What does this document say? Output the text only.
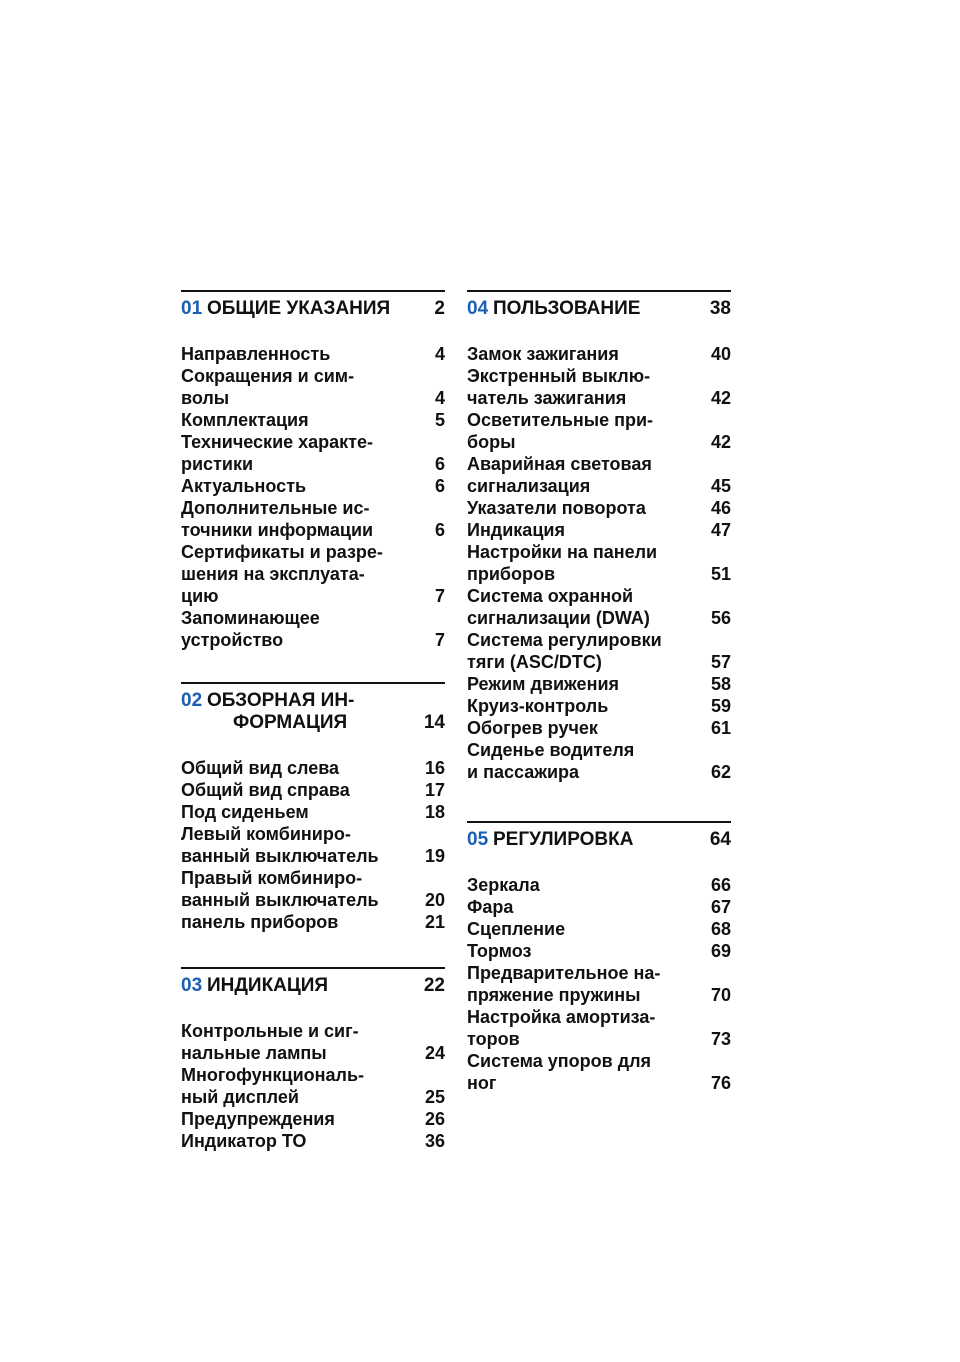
01 ОБЩИЕ УКАЗАНИЯ	2
Направленность	4
Сокращения и сим-
волы	4
Комплектация	5
Технические характе-
ристики	6
Актуальность	6
Дополнительные ис-
точники информации	6
Сертификаты и разре-
шения на эксплуата-
цию	7
Запоминающее
устройство	7
02 ОБЗОРНАЯ ИН-
ФОРМАЦИЯ	14
Общий вид слева	16
Общий вид справа	17
Под сиденьем	18
Левый комбиниро-
ванный выключатель	19
Правый комбиниро-
ванный выключатель	20
панель приборов	21
03 ИНДИКАЦИЯ	22
Контрольные и сиг-
нальные лампы	24
Многофункциональ-
ный дисплей	25
Предупреждения	26
Индикатор ТО	36
04 ПОЛЬЗОВАНИЕ	38
Замок зажигания	40
Экстренный выклю-
чатель зажигания	42
Осветительные при-
боры	42
Аварийная световая
сигнализация	45
Указатели поворота	46
Индикация	47
Настройки на панели
приборов	51
Система охранной
сигнализации (DWA)	56
Система регулировки
тяги (ASC/DTC)	57
Режим движения	58
Круиз-контроль	59
Обогрев ручек	61
Сиденье водителя
и пассажира	62
05 РЕГУЛИРОВКА	64
Зеркала	66
Фара	67
Сцепление	68
Тормоз	69
Предварительное на-
пряжение пружины	70
Настройка амортиза-
торов	73
Система упоров для
ног	76
